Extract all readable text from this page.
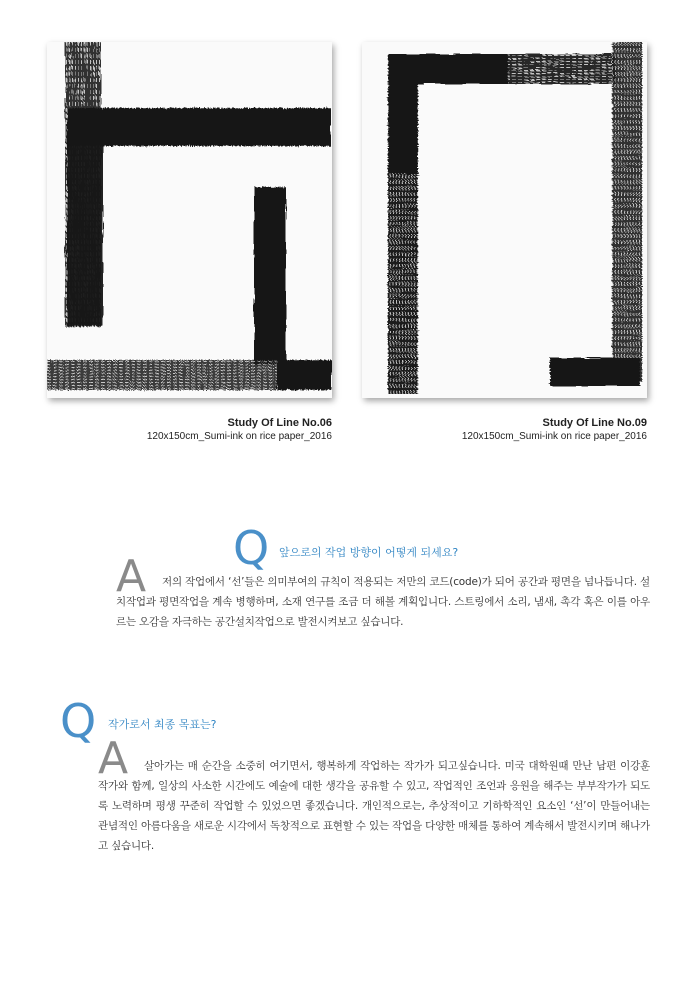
Study Of Line No.06
120x150cm_Sumi-ink on rice paper_2016
Study Of Line No.09
120x150cm_Sumi-ink on rice paper_2016
Q 앞으로의 작업 방향이 어떻게 되세요?
A	저의 작업에서 ‘선’들은 의미부여의 규칙이 적용되는 저만의 코드(code)가 되어 공간과 평면을 넘나듭니다. 설치작업과 평면작업을 계속 병행하며, 소재 연구를 조금 더 해볼 계획입니다. 스트링에서 소리, 냄새, 촉각 혹은 이를 아우르는 오감을 자극하는 공간설치작업으로 발전시켜보고 싶습니다.
Q 작가로서 최종 목표는?
A	살아가는 매 순간을 소중히 여기면서, 행복하게 작업하는 작가가 되고싶습니다. 미국 대학원때 만난 남편 이강훈 작가와 함께, 일상의 사소한 시간에도 예술에 대한 생각을 공유할 수 있고, 작업적인 조언과 응원을 해주는 부부작가가 되도록 노력하며 평생 꾸준히 작업할 수 있었으면 좋겠습니다. 개인적으로는, 추상적이고 기하학적인 요소인 ‘선’이 만들어내는 관념적인 아름다움을 새로운 시각에서 독창적으로 표현할 수 있는 작업을 다양한 매체를 통하여 계속해서 발전시키며 해나가고 싶습니다.
